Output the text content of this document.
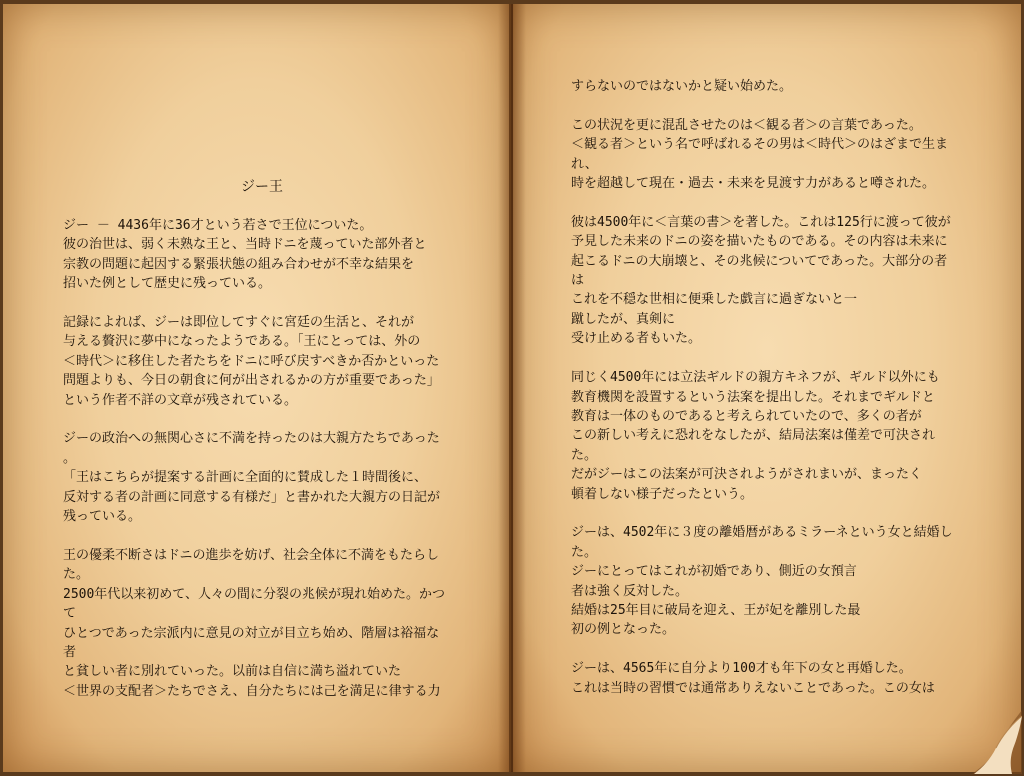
ジー王
ジー － 4436年に36才という若さで王位についた。
彼の治世は、弱く未熟な王と、当時ドニを蔑っていた部外者と
宗教の問題に起因する緊張状態の組み合わせが不幸な結果を
招いた例として歴史に残っている。

記録によれば、ジーは即位してすぐに宮廷の生活と、それが
与える贅沢に夢中になったようである。「王にとっては、外の
＜時代＞に移住した者たちをドニに呼び戻すべきか否かといった
問題よりも、今日の朝食に何が出されるかの方が重要であった」
という作者不詳の文章が残されている。

ジーの政治への無関心さに不満を持ったのは大親方たちであった
。
「王はこちらが提案する計画に全面的に賛成した１時間後に、
反対する者の計画に同意する有様だ」と書かれた大親方の日記が
残っている。

王の優柔不断さはドニの進歩を妨げ、社会全体に不満をもたらし
た。
2500年代以来初めて、人々の間に分裂の兆候が現れ始めた。かつ
て
ひとつであった宗派内に意見の対立が目立ち始め、階層は裕福な
者
と貧しい者に別れていった。以前は自信に満ち溢れていた
＜世界の支配者＞たちでさえ、自分たちには己を満足に律する力
すらないのではないかと疑い始めた。

この状況を更に混乱させたのは＜観る者＞の言葉であった。
＜観る者＞という名で呼ばれるその男は＜時代＞のはざまで生ま
れ、
時を超越して現在・過去・未来を見渡す力があると噂された。

彼は4500年に＜言葉の書＞を著した。これは125行に渡って彼が
予見した未来のドニの姿を描いたものである。その内容は未来に
起こるドニの大崩壊と、その兆候についてであった。大部分の者
は
これを不穏な世相に便乗した戯言に過ぎないと一
蹴したが、真剣に
受け止める者もいた。

同じく4500年には立法ギルドの親方キネフが、ギルド以外にも
教育機関を設置するという法案を提出した。それまでギルドと
教育は一体のものであると考えられていたので、多くの者が
この新しい考えに恐れをなしたが、結局法案は僅差で可決され
た。
だがジーはこの法案が可決されようがされまいが、まったく
頓着しない様子だったという。

ジーは、4502年に３度の離婚暦があるミラーネという女と結婚し
た。
ジーにとってはこれが初婚であり、側近の女預言
者は強く反対した。
結婚は25年目に破局を迎え、王が妃を離別した最
初の例となった。

ジーは、4565年に自分より100才も年下の女と再婚した。
これは当時の習慣では通常ありえないことであった。この女は
